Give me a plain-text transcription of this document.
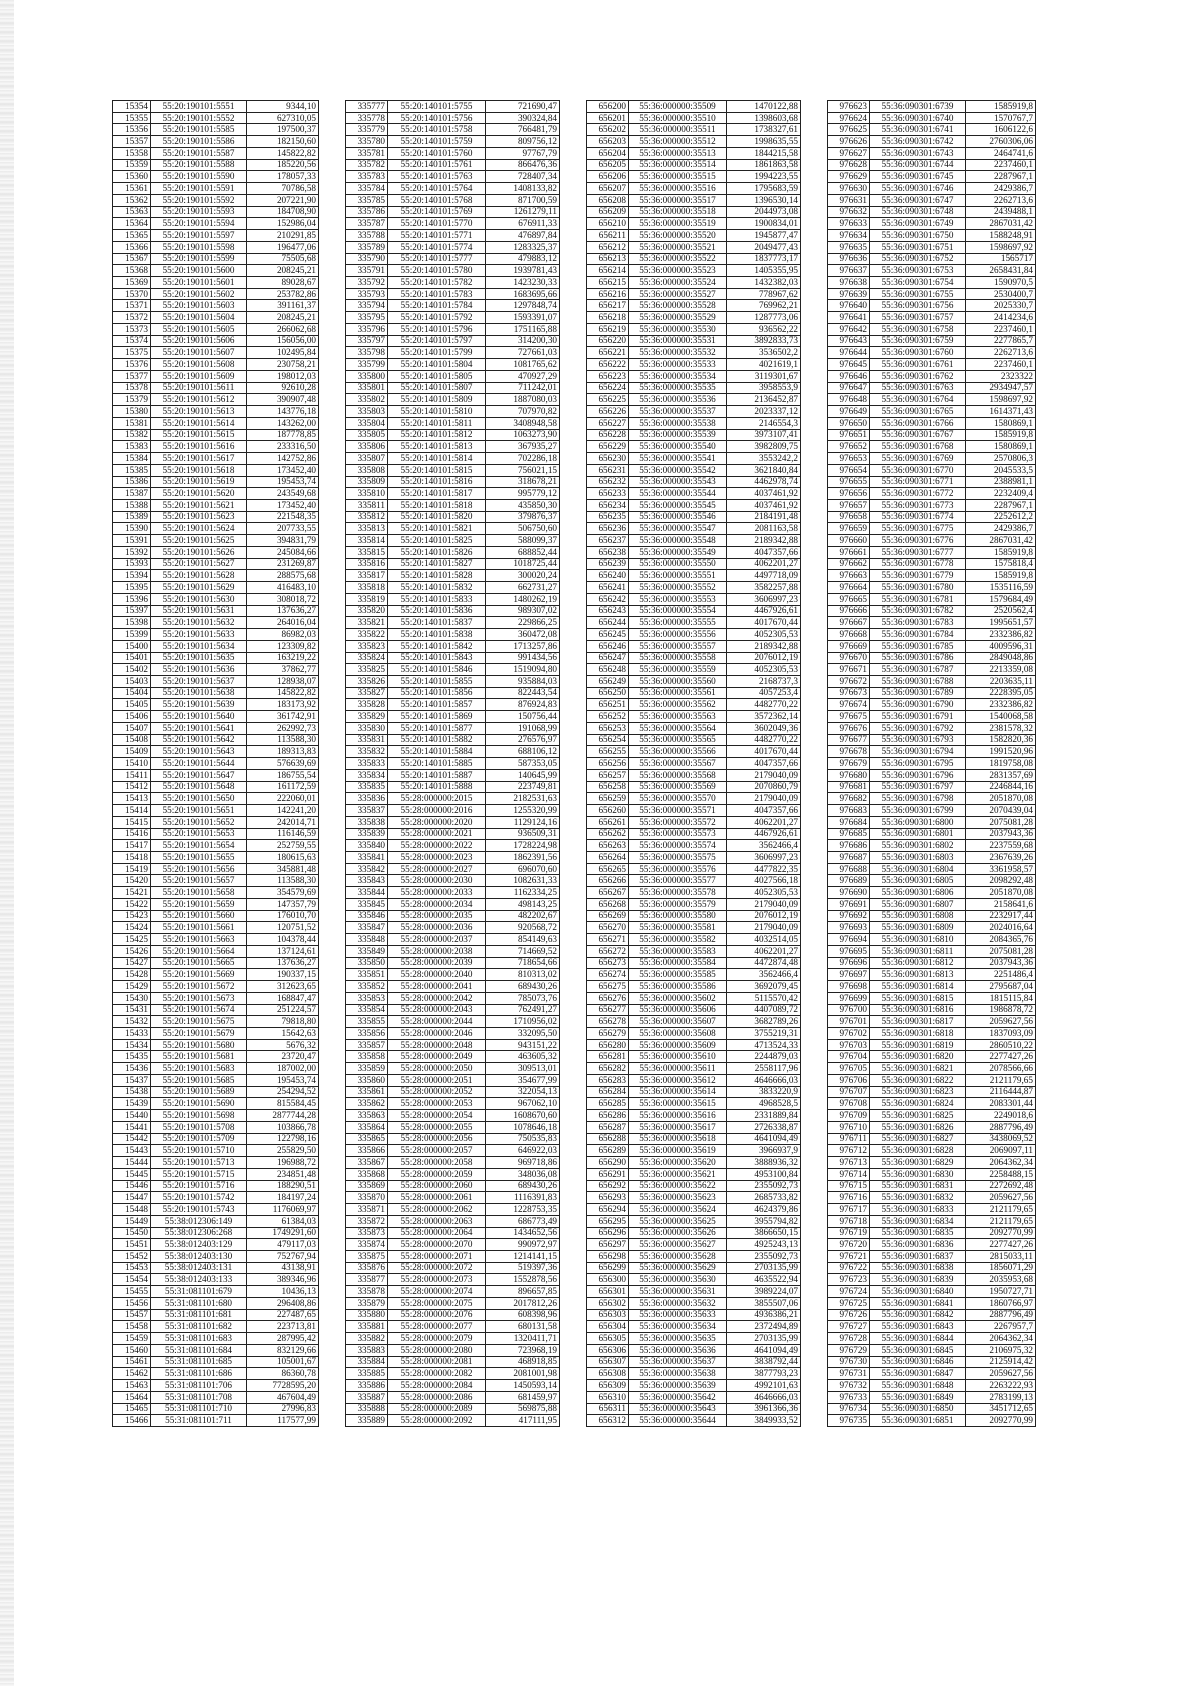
15354	55:20:190101:5551	9344,10
15355	55:20:190101:5552	627310,05
15356	55:20:190101:5585	197500,37
15357	55:20:190101:5586	182150,60
15358	55:20:190101:5587	145822,82
15359	55:20:190101:5588	185220,56
15360	55:20:190101:5590	178057,33
15361	55:20:190101:5591	70786,58
15362	55:20:190101:5592	207221,90
15363	55:20:190101:5593	184708,90
15364	55:20:190101:5594	152986,04
15365	55:20:190101:5597	210291,85
15366	55:20:190101:5598	196477,06
15367	55:20:190101:5599	75505,68
15368	55:20:190101:5600	208245,21
15369	55:20:190101:5601	89028,67
15370	55:20:190101:5602	253782,86
15371	55:20:190101:5603	391161,37
15372	55:20:190101:5604	208245,21
15373	55:20:190101:5605	266062,68
15374	55:20:190101:5606	156056,00
15375	55:20:190101:5607	102495,84
15376	55:20:190101:5608	230758,21
15377	55:20:190101:5609	198012,03
15378	55:20:190101:5611	92610,28
15379	55:20:190101:5612	390907,48
15380	55:20:190101:5613	143776,18
15381	55:20:190101:5614	143262,00
15382	55:20:190101:5615	187778,85
15383	55:20:190101:5616	233316,50
15384	55:20:190101:5617	142752,86
15385	55:20:190101:5618	173452,40
15386	55:20:190101:5619	195453,74
15387	55:20:190101:5620	243549,68
15388	55:20:190101:5621	173452,40
15389	55:20:190101:5623	221548,35
15390	55:20:190101:5624	207733,55
15391	55:20:190101:5625	394831,79
15392	55:20:190101:5626	245084,66
15393	55:20:190101:5627	231269,87
15394	55:20:190101:5628	288575,68
15395	55:20:190101:5629	416483,10
15396	55:20:190101:5630	308018,72
15397	55:20:190101:5631	137636,27
15398	55:20:190101:5632	264016,04
15399	55:20:190101:5633	86982,03
15400	55:20:190101:5634	123309,82
15401	55:20:190101:5635	163219,22
15402	55:20:190101:5636	37862,77
15403	55:20:190101:5637	128938,07
15404	55:20:190101:5638	145822,82
15405	55:20:190101:5639	183173,92
15406	55:20:190101:5640	361742,91
15407	55:20:190101:5641	262992,73
15408	55:20:190101:5642	113588,30
15409	55:20:190101:5643	189313,83
15410	55:20:190101:5644	576639,69
15411	55:20:190101:5647	186755,54
15412	55:20:190101:5648	161172,59
15413	55:20:190101:5650	222060,01
15414	55:20:190101:5651	142241,20
15415	55:20:190101:5652	242014,71
15416	55:20:190101:5653	116146,59
15417	55:20:190101:5654	252759,55
15418	55:20:190101:5655	180615,63
15419	55:20:190101:5656	345881,48
15420	55:20:190101:5657	113588,30
15421	55:20:190101:5658	354579,69
15422	55:20:190101:5659	147357,79
15423	55:20:190101:5660	176010,70
15424	55:20:190101:5661	120751,52
15425	55:20:190101:5663	104378,44
15426	55:20:190101:5664	137124,61
15427	55:20:190101:5665	137636,27
15428	55:20:190101:5669	190337,15
15429	55:20:190101:5672	312623,65
15430	55:20:190101:5673	168847,47
15431	55:20:190101:5674	251224,57
15432	55:20:190101:5675	79818,80
15433	55:20:190101:5679	15642,63
15434	55:20:190101:5680	5676,32
15435	55:20:190101:5681	23720,47
15436	55:20:190101:5683	187002,00
15437	55:20:190101:5685	195453,74
15438	55:20:190101:5689	254294,52
15439	55:20:190101:5690	815584,45
15440	55:20:190101:5698	2877744,28
15441	55:20:190101:5708	103866,78
15442	55:20:190101:5709	122798,16
15443	55:20:190101:5710	255829,50
15444	55:20:190101:5713	196988,72
15445	55:20:190101:5715	234851,48
15446	55:20:190101:5716	188290,51
15447	55:20:190101:5742	184197,24
15448	55:20:190101:5743	1176069,97
15449	55:38:012306:149	61384,03
15450	55:38:012306:268	1749291,60
15451	55:38:012403:129	479117,03
15452	55:38:012403:130	752767,94
15453	55:38:012403:131	43138,91
15454	55:38:012403:133	389346,96
15455	55:31:081101:679	10436,13
15456	55:31:081101:680	296408,86
15457	55:31:081101:681	227487,65
15458	55:31:081101:682	223713,81
15459	55:31:081101:683	287995,42
15460	55:31:081101:684	832129,66
15461	55:31:081101:685	105001,67
15462	55:31:081101:686	86360,78
15463	55:31:081101:706	7728595,20
15464	55:31:081101:708	467604,49
15465	55:31:081101:710	27996,83
15466	55:31:081101:711	117577,99
335777	55:20:140101:5755	721690,47
335778	55:20:140101:5756	390324,84
335779	55:20:140101:5758	766481,79
335780	55:20:140101:5759	809756,12
335781	55:20:140101:5760	97767,79
335782	55:20:140101:5761	866476,36
335783	55:20:140101:5763	728407,34
335784	55:20:140101:5764	1408133,82
335785	55:20:140101:5768	871700,59
335786	55:20:140101:5769	1261279,11
335787	55:20:140101:5770	676911,33
335788	55:20:140101:5771	476897,84
335789	55:20:140101:5774	1283325,37
335790	55:20:140101:5777	479883,12
335791	55:20:140101:5780	1939781,43
335792	55:20:140101:5782	1423230,33
335793	55:20:140101:5783	1683695,66
335794	55:20:140101:5784	1297848,74
335795	55:20:140101:5792	1593391,07
335796	55:20:140101:5796	1751165,88
335797	55:20:140101:5797	314200,30
335798	55:20:140101:5799	727661,03
335799	55:20:140101:5804	1081765,62
335800	55:20:140101:5805	470927,29
335801	55:20:140101:5807	711242,01
335802	55:20:140101:5809	1887080,03
335803	55:20:140101:5810	707970,82
335804	55:20:140101:5811	3408948,58
335805	55:20:140101:5812	1063273,90
335806	55:20:140101:5813	367935,27
335807	55:20:140101:5814	702286,18
335808	55:20:140101:5815	756021,15
335809	55:20:140101:5816	318678,21
335810	55:20:140101:5817	995779,12
335811	55:20:140101:5818	435850,30
335812	55:20:140101:5820	379876,37
335813	55:20:140101:5821	506750,60
335814	55:20:140101:5825	588099,37
335815	55:20:140101:5826	688852,44
335816	55:20:140101:5827	1018725,44
335817	55:20:140101:5828	300020,24
335818	55:20:140101:5832	662731,27
335819	55:20:140101:5833	1480262,19
335820	55:20:140101:5836	989307,02
335821	55:20:140101:5837	229866,25
335822	55:20:140101:5838	360472,08
335823	55:20:140101:5842	1713257,86
335824	55:20:140101:5843	991434,56
335825	55:20:140101:5846	1519094,80
335826	55:20:140101:5855	935884,03
335827	55:20:140101:5856	822443,54
335828	55:20:140101:5857	876924,83
335829	55:20:140101:5869	150756,44
335830	55:20:140101:5877	191068,99
335831	55:20:140101:5882	276576,97
335832	55:20:140101:5884	688106,12
335833	55:20:140101:5885	587353,05
335834	55:20:140101:5887	140645,99
335835	55:20:140101:5888	223749,81
335836	55:28:000000:2015	2182531,63
335837	55:28:000000:2016	1255320,99
335838	55:28:000000:2020	1129124,16
335839	55:28:000000:2021	936509,31
335840	55:28:000000:2022	1728224,98
335841	55:28:000000:2023	1862391,56
335842	55:28:000000:2027	696070,60
335843	55:28:000000:2030	1082631,33
335844	55:28:000000:2033	1162334,25
335845	55:28:000000:2034	498143,25
335846	55:28:000000:2035	482202,67
335847	55:28:000000:2036	920568,72
335848	55:28:000000:2037	854149,63
335849	55:28:000000:2038	714669,52
335850	55:28:000000:2039	718654,66
335851	55:28:000000:2040	810313,02
335852	55:28:000000:2041	689430,26
335853	55:28:000000:2042	785073,76
335854	55:28:000000:2043	762491,27
335855	55:28:000000:2044	1710956,02
335856	55:28:000000:2046	332095,50
335857	55:28:000000:2048	943151,22
335858	55:28:000000:2049	463605,32
335859	55:28:000000:2050	309513,01
335860	55:28:000000:2051	354677,99
335861	55:28:000000:2052	322054,13
335862	55:28:000000:2053	967062,10
335863	55:28:000000:2054	1608670,60
335864	55:28:000000:2055	1078646,18
335865	55:28:000000:2056	750535,83
335866	55:28:000000:2057	646922,03
335867	55:28:000000:2058	969718,86
335868	55:28:000000:2059	348036,08
335869	55:28:000000:2060	689430,26
335870	55:28:000000:2061	1116391,83
335871	55:28:000000:2062	1228753,35
335872	55:28:000000:2063	686773,49
335873	55:28:000000:2064	1434652,56
335874	55:28:000000:2070	990972,97
335875	55:28:000000:2071	1214141,15
335876	55:28:000000:2072	519397,36
335877	55:28:000000:2073	1552878,56
335878	55:28:000000:2074	896657,85
335879	55:28:000000:2075	2017812,26
335880	55:28:000000:2076	608398,96
335881	55:28:000000:2077	680131,58
335882	55:28:000000:2079	1320411,71
335883	55:28:000000:2080	723968,19
335884	55:28:000000:2081	468918,85
335885	55:28:000000:2082	2081001,98
335886	55:28:000000:2084	1450593,14
335887	55:28:000000:2086	681459,97
335888	55:28:000000:2089	569875,88
335889	55:28:000000:2092	417111,95
656200	55:36:000000:35509	1470122,88
656201	55:36:000000:35510	1398603,68
656202	55:36:000000:35511	1738327,61
656203	55:36:000000:35512	1998635,55
656204	55:36:000000:35513	1844215,58
656205	55:36:000000:35514	1861863,58
656206	55:36:000000:35515	1994223,55
656207	55:36:000000:35516	1795683,59
656208	55:36:000000:35517	1396530,14
656209	55:36:000000:35518	2044973,08
656210	55:36:000000:35519	1900834,01
656211	55:36:000000:35520	1945877,47
656212	55:36:000000:35521	2049477,43
656213	55:36:000000:35522	1837773,17
656214	55:36:000000:35523	1405355,95
656215	55:36:000000:35524	1432382,03
656216	55:36:000000:35527	778967,62
656217	55:36:000000:35528	769962,21
656218	55:36:000000:35529	1287773,06
656219	55:36:000000:35530	936562,22
656220	55:36:000000:35531	3892833,73
656221	55:36:000000:35532	3536502,2
656222	55:36:000000:35533	4021619,1
656223	55:36:000000:35534	3119301,67
656224	55:36:000000:35535	3958553,9
656225	55:36:000000:35536	2136452,87
656226	55:36:000000:35537	2023337,12
656227	55:36:000000:35538	2146554,3
656228	55:36:000000:35539	3973107,41
656229	55:36:000000:35540	3982809,75
656230	55:36:000000:35541	3553242,2
656231	55:36:000000:35542	3621840,84
656232	55:36:000000:35543	4462978,74
656233	55:36:000000:35544	4037461,92
656234	55:36:000000:35545	4037461,92
656235	55:36:000000:35546	2184191,48
656236	55:36:000000:35547	2081163,58
656237	55:36:000000:35548	2189342,88
656238	55:36:000000:35549	4047357,66
656239	55:36:000000:35550	4062201,27
656240	55:36:000000:35551	4497718,09
656241	55:36:000000:35552	3582257,88
656242	55:36:000000:35553	3606997,23
656243	55:36:000000:35554	4467926,61
656244	55:36:000000:35555	4017670,44
656245	55:36:000000:35556	4052305,53
656246	55:36:000000:35557	2189342,88
656247	55:36:000000:35558	2076012,19
656248	55:36:000000:35559	4052305,53
656249	55:36:000000:35560	2168737,3
656250	55:36:000000:35561	4057253,4
656251	55:36:000000:35562	4482770,22
656252	55:36:000000:35563	3572362,14
656253	55:36:000000:35564	3602049,36
656254	55:36:000000:35565	4482770,22
656255	55:36:000000:35566	4017670,44
656256	55:36:000000:35567	4047357,66
656257	55:36:000000:35568	2179040,09
656258	55:36:000000:35569	2070860,79
656259	55:36:000000:35570	2179040,09
656260	55:36:000000:35571	4047357,66
656261	55:36:000000:35572	4062201,27
656262	55:36:000000:35573	4467926,61
656263	55:36:000000:35574	3562466,4
656264	55:36:000000:35575	3606997,23
656265	55:36:000000:35576	4477822,35
656266	55:36:000000:35577	4027566,18
656267	55:36:000000:35578	4052305,53
656268	55:36:000000:35579	2179040,09
656269	55:36:000000:35580	2076012,19
656270	55:36:000000:35581	2179040,09
656271	55:36:000000:35582	4032514,05
656272	55:36:000000:35583	4062201,27
656273	55:36:000000:35584	4472874,48
656274	55:36:000000:35585	3562466,4
656275	55:36:000000:35586	3692079,45
656276	55:36:000000:35602	5115570,42
656277	55:36:000000:35606	4407089,72
656278	55:36:000000:35607	3682789,26
656279	55:36:000000:35608	3755219,31
656280	55:36:000000:35609	4713524,33
656281	55:36:000000:35610	2244879,03
656282	55:36:000000:35611	2558117,96
656283	55:36:000000:35612	4646666,03
656284	55:36:000000:35614	3833220,9
656285	55:36:000000:35615	4968528,5
656286	55:36:000000:35616	2331889,84
656287	55:36:000000:35617	2726338,87
656288	55:36:000000:35618	4641094,49
656289	55:36:000000:35619	3966937,9
656290	55:36:000000:35620	3888936,32
656291	55:36:000000:35621	4953100,84
656292	55:36:000000:35622	2355092,73
656293	55:36:000000:35623	2685733,82
656294	55:36:000000:35624	4624379,86
656295	55:36:000000:35625	3955794,82
656296	55:36:000000:35626	3866650,15
656297	55:36:000000:35627	4925243,13
656298	55:36:000000:35628	2355092,73
656299	55:36:000000:35629	2703135,99
656300	55:36:000000:35630	4635522,94
656301	55:36:000000:35631	3989224,07
656302	55:36:000000:35632	3855507,06
656303	55:36:000000:35633	4936386,21
656304	55:36:000000:35634	2372494,89
656305	55:36:000000:35635	2703135,99
656306	55:36:000000:35636	4641094,49
656307	55:36:000000:35637	3838792,44
656308	55:36:000000:35638	3877793,23
656309	55:36:000000:35639	4992101,63
656310	55:36:000000:35642	4646666,03
656311	55:36:000000:35643	3961366,36
656312	55:36:000000:35644	3849933,52
976623	55:36:090301:6739	1585919,8
976624	55:36:090301:6740	1570767,7
976625	55:36:090301:6741	1606122,6
976626	55:36:090301:6742	2760306,06
976627	55:36:090301:6743	2464741,6
976628	55:36:090301:6744	2237460,1
976629	55:36:090301:6745	2287967,1
976630	55:36:090301:6746	2429386,7
976631	55:36:090301:6747	2262713,6
976632	55:36:090301:6748	2439488,1
976633	55:36:090301:6749	2867031,42
976634	55:36:090301:6750	1588248,91
976635	55:36:090301:6751	1598697,92
976636	55:36:090301:6752	1565717
976637	55:36:090301:6753	2658431,84
976638	55:36:090301:6754	1590970,5
976639	55:36:090301:6755	2530400,7
976640	55:36:090301:6756	2025330,7
976641	55:36:090301:6757	2414234,6
976642	55:36:090301:6758	2237460,1
976643	55:36:090301:6759	2277865,7
976644	55:36:090301:6760	2262713,6
976645	55:36:090301:6761	2237460,1
976646	55:36:090301:6762	2323322
976647	55:36:090301:6763	2934947,57
976648	55:36:090301:6764	1598697,92
976649	55:36:090301:6765	1614371,43
976650	55:36:090301:6766	1580869,1
976651	55:36:090301:6767	1585919,8
976652	55:36:090301:6768	1580869,1
976653	55:36:090301:6769	2570806,3
976654	55:36:090301:6770	2045533,5
976655	55:36:090301:6771	2388981,1
976656	55:36:090301:6772	2232409,4
976657	55:36:090301:6773	2287967,1
976658	55:36:090301:6774	2252612,2
976659	55:36:090301:6775	2429386,7
976660	55:36:090301:6776	2867031,42
976661	55:36:090301:6777	1585919,8
976662	55:36:090301:6778	1575818,4
976663	55:36:090301:6779	1585919,8
976664	55:36:090301:6780	1535116,59
976665	55:36:090301:6781	1579684,49
976666	55:36:090301:6782	2520562,4
976667	55:36:090301:6783	1995651,57
976668	55:36:090301:6784	2332386,82
976669	55:36:090301:6785	4009596,31
976670	55:36:090301:6786	2849048,86
976671	55:36:090301:6787	2213359,08
976672	55:36:090301:6788	2203635,11
976673	55:36:090301:6789	2228395,05
976674	55:36:090301:6790	2332386,82
976675	55:36:090301:6791	1540068,58
976676	55:36:090301:6792	2381578,32
976677	55:36:090301:6793	1582820,36
976678	55:36:090301:6794	1991520,96
976679	55:36:090301:6795	1819758,08
976680	55:36:090301:6796	2831357,69
976681	55:36:090301:6797	2246844,16
976682	55:36:090301:6798	2051870,08
976683	55:36:090301:6799	2070439,04
976684	55:36:090301:6800	2075081,28
976685	55:36:090301:6801	2037943,36
976686	55:36:090301:6802	2237559,68
976687	55:36:090301:6803	2367639,26
976688	55:36:090301:6804	3361958,57
976689	55:36:090301:6805	2098292,48
976690	55:36:090301:6806	2051870,08
976691	55:36:090301:6807	2158641,6
976692	55:36:090301:6808	2232917,44
976693	55:36:090301:6809	2024016,64
976694	55:36:090301:6810	2084365,76
976695	55:36:090301:6811	2075081,28
976696	55:36:090301:6812	2037943,36
976697	55:36:090301:6813	2251486,4
976698	55:36:090301:6814	2795687,04
976699	55:36:090301:6815	1815115,84
976700	55:36:090301:6816	1986878,72
976701	55:36:090301:6817	2059627,56
976702	55:36:090301:6818	1837093,09
976703	55:36:090301:6819	2860510,22
976704	55:36:090301:6820	2277427,26
976705	55:36:090301:6821	2078566,66
976706	55:36:090301:6822	2121179,65
976707	55:36:090301:6823	2116444,87
976708	55:36:090301:6824	2083301,44
976709	55:36:090301:6825	2249018,6
976710	55:36:090301:6826	2887796,49
976711	55:36:090301:6827	3438069,52
976712	55:36:090301:6828	2069097,11
976713	55:36:090301:6829	2064362,34
976714	55:36:090301:6830	2258488,15
976715	55:36:090301:6831	2272692,48
976716	55:36:090301:6832	2059627,56
976717	55:36:090301:6833	2121179,65
976718	55:36:090301:6834	2121179,65
976719	55:36:090301:6835	2092770,99
976720	55:36:090301:6836	2277427,26
976721	55:36:090301:6837	2815033,11
976722	55:36:090301:6838	1856071,29
976723	55:36:090301:6839	2035953,68
976724	55:36:090301:6840	1950727,71
976725	55:36:090301:6841	1860766,97
976726	55:36:090301:6842	2887796,49
976727	55:36:090301:6843	2267957,7
976728	55:36:090301:6844	2064362,34
976729	55:36:090301:6845	2106975,32
976730	55:36:090301:6846	2125914,42
976731	55:36:090301:6847	2059627,56
976732	55:36:090301:6848	2263222,93
976733	55:36:090301:6849	2783199,13
976734	55:36:090301:6850	3451712,65
976735	55:36:090301:6851	2092770,99
